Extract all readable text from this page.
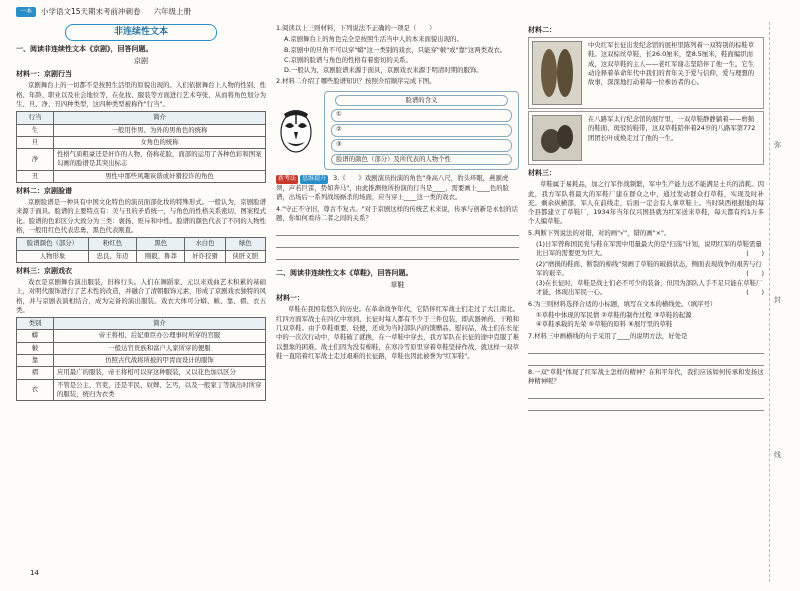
一本	小学语文15天期末考前冲刺卷 六年级上册
非连续性文本
一、阅读非连续性文本《京剧》，回答问题。
京剧
材料一：京剧行当

京剧舞台上的一切都不是按照生活里的原貌出现的。人们依据舞台上人物的性别、性格、年龄、职业以及社会地位等，在化妆、服装等方面进行艺术夸张，从而将角色划分为生、旦、净、丑四种类型，这四种类型被称作"行当"。

行当	简介
生	一般用作男、为外的男角色的统称
旦	女角色的统称
净	性格气质粗豪还是奸诈的人物，俗称花脸，面部的运用了各种色彩和图案勾画的脸谱是其突出标志
丑	男性中那些风趣诙谐或奸猾狡诈的角色
材料二：京剧脸谱

京剧脸谱是一种具有中国文化特色的演员面部化妆的特殊形式。一般认为，京剧脸谱来源于面具。脸谱的主要特点有：美与丑的矛盾统一，与角色的性格关系密切，图案程式化。脸谱的色彩区分大致分为三类：褒扬、贬斥和中性。脸谱的颜色代表了不同的人物性格，一般用红色代表忠勇，黑色代表刚直。

脸谱颜色（部分）	粉红色	黑色	水白色	绿色
人物形象	忠良、年迈	刚毅、鲁莽	奸诈狡猾	侠肝义胆
材料三：京剧戏衣

戏衣是京剧舞台演出服装，旧称行头。人们在舞蹈家、元以来戏曲艺术积累的基础上，对明代服饰进行了艺术性的改造，并融合了清朝服饰元素，形成了京剧戏衣独特的风格，并与京剧表演相结合，成为完备的演出服装。戏衣大体可分蟒、帔、靠、褶、衣五类。

类别	简介
蟒	帝王将相、后妃重臣办公理事时所穿的官服
帔	一般达官贵族和富户人家所穿的便服
靠	仿照古代战将所披的甲胄而设计的服饰
褶	应用最广的服装，帝王将相可以穿这种服装，又以花色加以区分
衣	不管是公主、官吏，还是平民、奴婢、乞丐，以及一般家丁等演出时所穿的服装，统归为衣类
1.阅读以上三则材料，下列说法不正确的一项是（　　）
A.京剧舞台上的角色完全是按照生活当中人的本来面貌出现的。
B.京剧中的旦角不可以穿"蟒"这一类别的戏衣，只能穿"帔"或"靠"这两类戏衣。
C.京剧的脸谱与角色的性格有着密切的关系。
D.一般认为，京剧脸谱来源于面具，京剧戏衣来源于明清时期的服饰。
2.材料二介绍了哪些脸谱知识？按照介绍顺序完成下图。
脸谱的含义
①
②
③
脸谱的颜色（部分）及所代表的人物个性
新考法 思维提升 3.《　　》戏剧演员扮演的角色"身高八尺，豹头环眼，燕颔虎须，声若巨雷，势如奔马"，由此推测他所扮演的行当是____，需要画上____色的脸谱，出场后一系列战场厮杀的场面，应当穿上____这一类的戏衣。
4."守正不守旧，尊古不复古。"对于京剧这样的传统艺术来说，传承与创新是永恒的话题，你如何看待二者之间的关系？
二、阅读非连续性文本《草鞋》，回答问题。
草鞋
材料一：

草鞋在我国有悠久的历史。在革命战争年代，它陪伴红军战士们走过了大江南北。红四方面军战士在四亿中寒到，长征时每人都有不少于三件包装，即武器弹药、干粮和几双草鞋。由于草鞋重要、轻便，还成为当时部队内的馈赠品、慰问品，战士们在长征中的一次次行动中，草鞋破了就换，在一草鞋中穿去，我方军队在长征的途中克服了难以想象的困难。战士们因为没有棉鞋，在寒冷雪原里穿着草鞋坚持作战，就这样一双草鞋一直陪着红军战士走过艰难的长征路，草鞋也因此被誉为"红军鞋"。

材料二：
中央红军长征出发纪念馆的展柜里陈列着一双特别的棕鞋草鞋。这双棕丝草鞋，长26.0厘米，宽8.5厘米，鞋面编织而成，这双草鞋的主人——老红军谢志坚陪伴了他一生。它生动诠释着革命年代中我们的青年关于爱与信仰，爱与理想的故事，深深地打动着每一位参访者的心。
在八路军太行纪念馆的展厅里，一双草鞋静静躺着——磨损的鞋面、斑驳的鞋带，这双草鞋陪伴着24岁的八路军第772团团长叶成焕走过了他的一生。
材料三：

草鞋属于易耗品，加之行军作战频繁，军中生产能力远不能满足士兵的消耗。因此，我方军队将最大的军鞋厂建在群众之中，通过发动群众打草鞋，实现及时补充。剩余纵横部，军人在前线走，后面一定会有人拿草鞋上。当时陕西根据地的每个县都建立了草鞋厂，1934年当年仅兴国县就为红军送来草鞋，每天都有约1万多个人编草鞋。

5.判断下列说法的对错，对的画"√"，错的画"×"。
(1)日军曾称国民党与鞋在军需中用量最大的是"扫荡"计划，说明红军的草鞋需量比日军的需要更为巨大。	(　　)
(2)"磨损的鞋面、断裂的棉线"刻画了草鞋的破损状态，侧面表现战争的艰苦与行军的艰辛。	(　　)
(3)在长征时，草鞋是战士们必不可少的装备，但因为部队人手不足只能在草鞋厂才能，体现出军民一心。	(　　)
6.为三则材料选择合适的小标题，填写在文本的横线处。（填序号）
①草鞋中体现的军民情 ②草鞋的制作过程 ③草鞋的起源
④草鞋承载的光荣 ⑤草鞋的原料 ⑥展厅里的草鞋
7.材料三中画横线的句子采用了____的说明方法，好处是
8.一双"草鞋"体现了红军战士怎样的精神？在和平年代，我们应该如何传承和发扬这种精神呢？
弥
封
线
14
